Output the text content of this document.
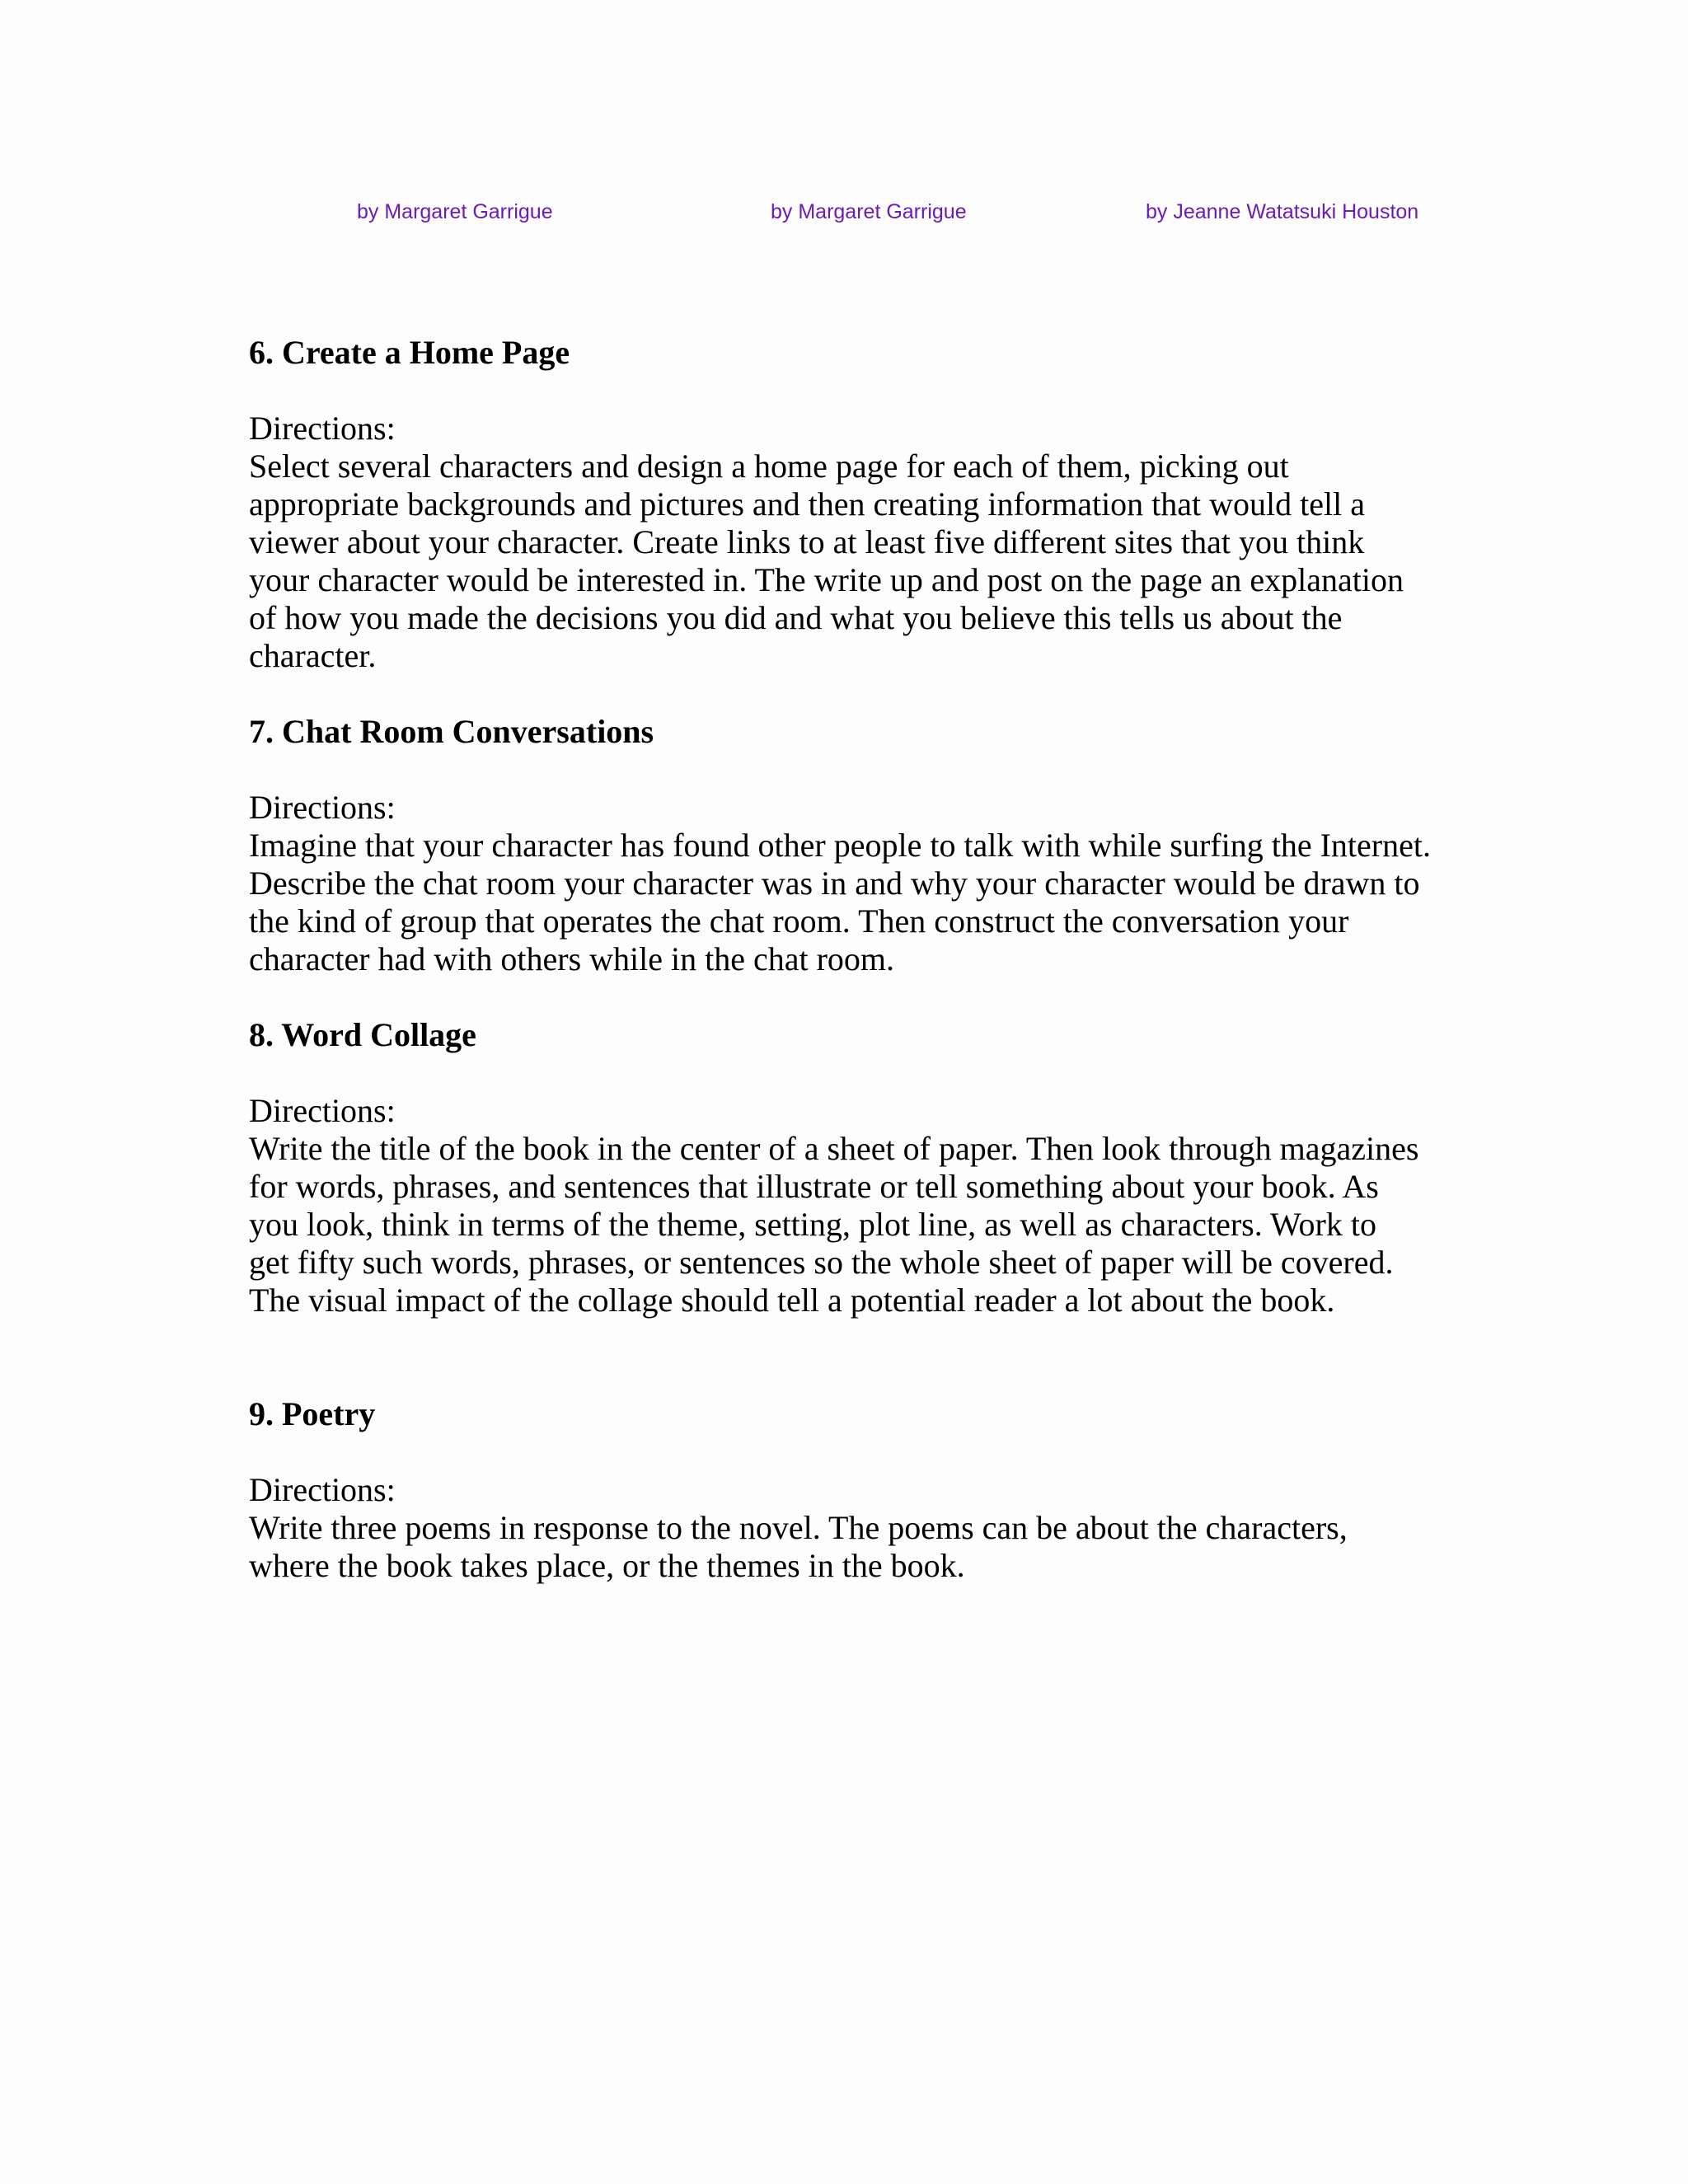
by Margaret Garrigue	by Margaret Garrigue	by Jeanne Watatsuki Houston
6. Create a Home Page
Directions:
Select several characters and design a home page for each of them, picking out
appropriate backgrounds and pictures and then creating information that would tell a
viewer about your character. Create links to at least five different sites that you think
your character would be interested in. The write up and post on the page an explanation
of how you made the decisions you did and what you believe this tells us about the
character.
7. Chat Room Conversations
Directions:
Imagine that your character has found other people to talk with while surfing the Internet.
Describe the chat room your character was in and why your character would be drawn to
the kind of group that operates the chat room. Then construct the conversation your
character had with others while in the chat room.
8. Word Collage
Directions:
Write the title of the book in the center of a sheet of paper. Then look through magazines
for words, phrases, and sentences that illustrate or tell something about your book. As
you look, think in terms of the theme, setting, plot line, as well as characters. Work to
get fifty such words, phrases, or sentences so the whole sheet of paper will be covered.
The visual impact of the collage should tell a potential reader a lot about the book.
9. Poetry
Directions:
Write three poems in response to the novel. The poems can be about the characters,
where the book takes place, or the themes in the book.
